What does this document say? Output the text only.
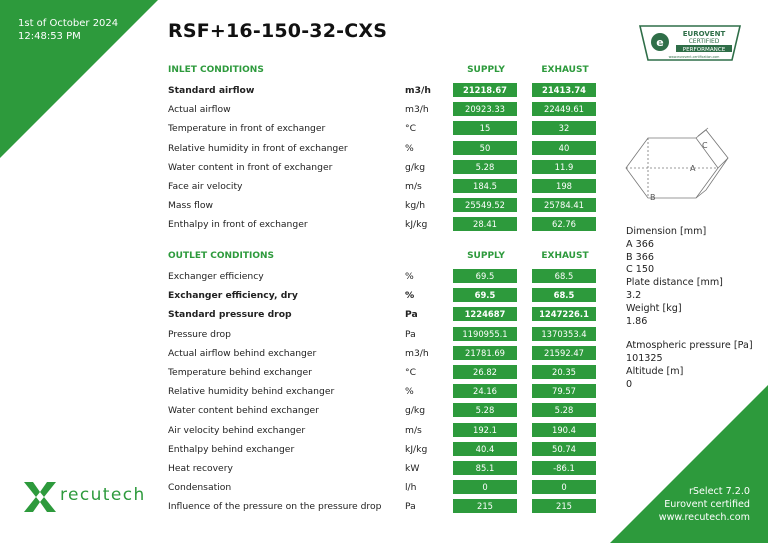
1st of October 2024
12:48:53 PM	RSF+16-150-32-CXS
e
EUROVENT
CERTIFIED
PERFORMANCE
www.eurovent-certification.com
INLET CONDITIONS	SUPPLY	EXHAUST
Standard airflow	m3/h	21218.67	21413.74
Actual airflow	m3/h	20923.33	22449.61
Temperature in front of exchanger	°C	15	32
Relative humidity in front of exchanger	%	50	40
Water content in front of exchanger	g/kg	5.28	11.9
Face air velocity	m/s	184.5	198
Mass flow	kg/h	25549.52	25784.41
Enthalpy in front of exchanger	kJ/kg	28.41	62.76
OUTLET CONDITIONS	SUPPLY	EXHAUST
Exchanger efficiency	%	69.5	68.5
Exchanger efficiency, dry	%	69.5	68.5
Standard pressure drop	Pa	1224687	1247226.1
Pressure drop	Pa	1190955.1	1370353.4
Actual airflow behind exchanger	m3/h	21781.69	21592.47
Temperature behind exchanger	°C	26.82	20.35
Relative humidity behind exchanger	%	24.16	79.57
Water content behind exchanger	g/kg	5.28	5.28
Air velocity behind exchanger	m/s	192.1	190.4
Enthalpy behind exchanger	kJ/kg	40.4	50.74
Heat recovery	kW	85.1	-86.1
Condensation	l/h	0	0
Influence of the pressure on the pressure drop	Pa	215	215
A
B
C
Dimension [mm]
A 366
B 366
C 150
Plate distance [mm]
3.2
Weight [kg]
1.86
Atmospheric pressure [Pa]
101325
Altitude [m]
0
recutech	rSelect 7.2.0
Eurovent certified
www.recutech.com
